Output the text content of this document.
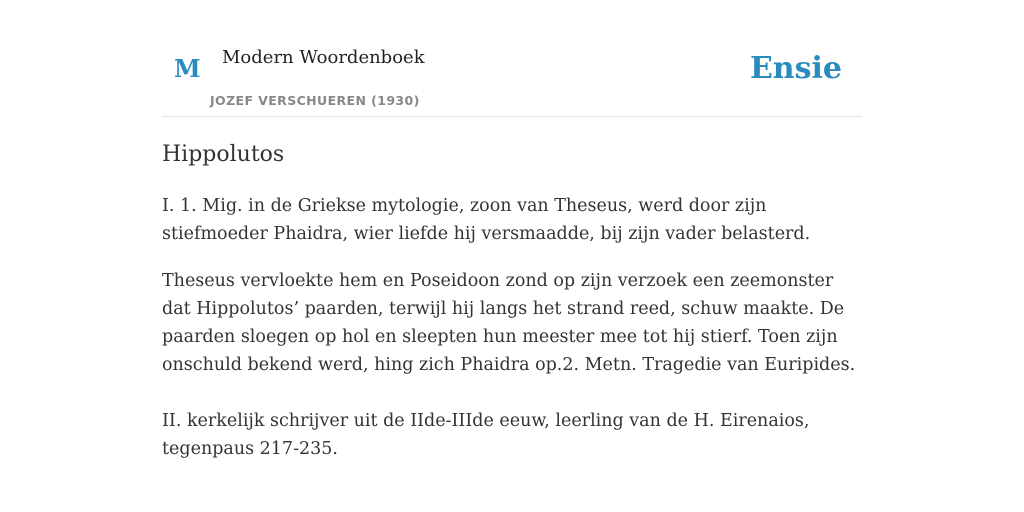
M Modern Woordenboek
JOZEF VERSCHUEREN (1930)
Ensie
Hippolutos

I. 1. Mig. in de Griekse mytologie, zoon van Theseus, werd door zijn stiefmoeder Phaidra, wier liefde hij versmaadde, bij zijn vader belasterd.

Theseus vervloekte hem en Poseidoon zond op zijn verzoek een zeemonster dat Hippolutos’ paarden, terwijl hij langs het strand reed, schuw maakte. De paarden sloegen op hol en sleepten hun meester mee tot hij stierf. Toen zijn onschuld bekend werd, hing zich Phaidra op.2. Metn. Tragedie van Euripides.

II. kerkelijk schrijver uit de IIde-IIIde eeuw, leerling van de H. Eirenaios, tegenpaus 217-235.
